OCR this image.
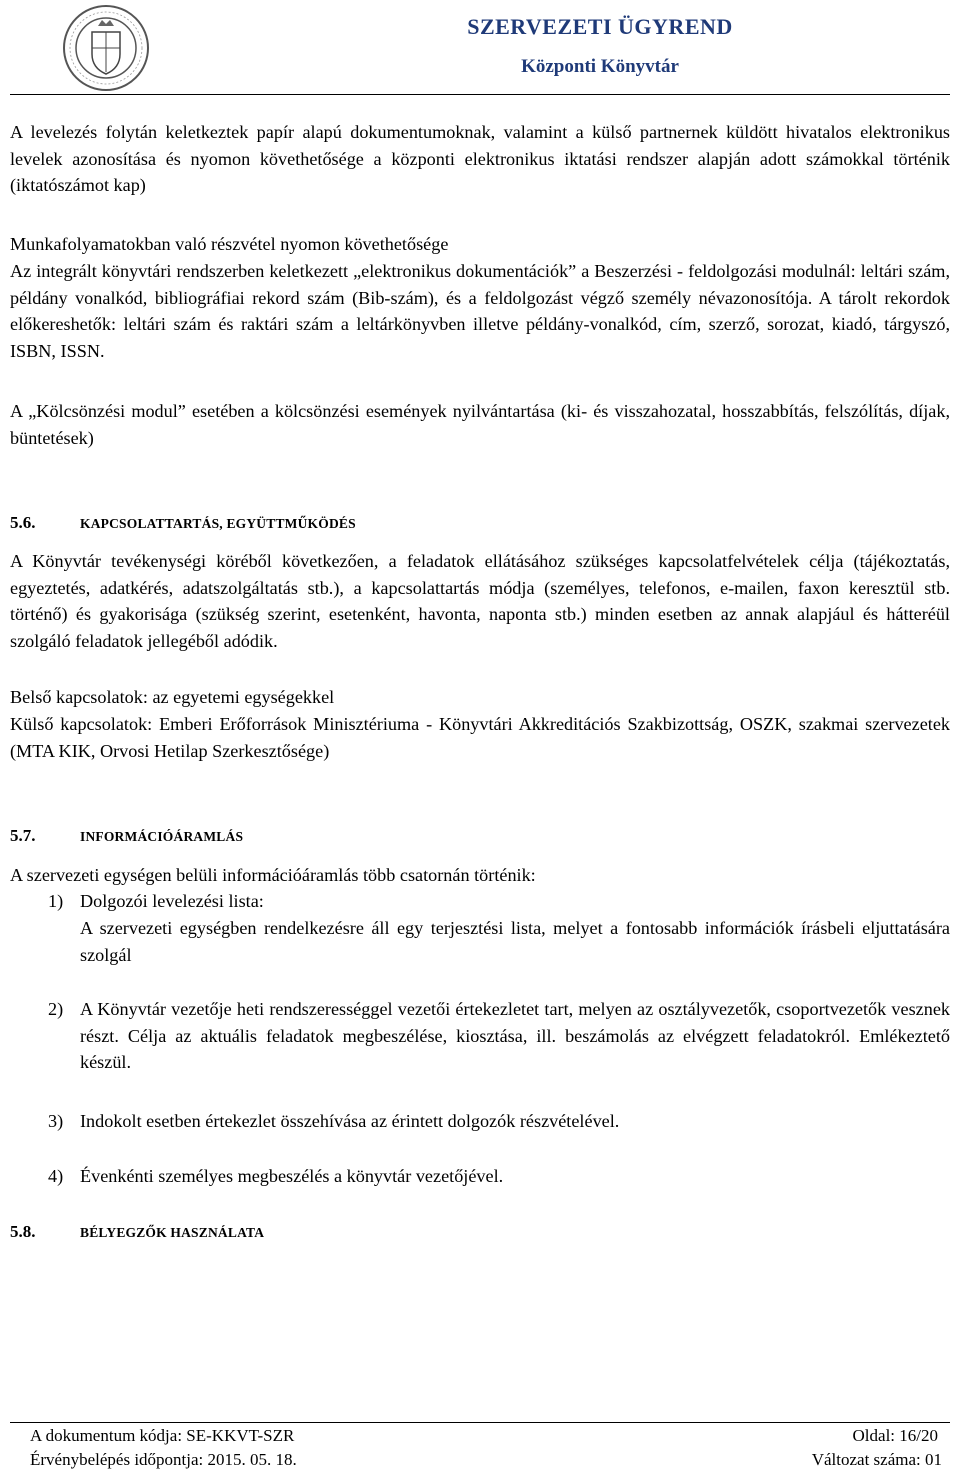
SZERVEZETI ÜGYREND
Központi Könyvtár
A levelezés folytán keletkeztek papír alapú dokumentumoknak, valamint a külső partnernek küldött hivatalos elektronikus levelek azonosítása és nyomon követhetősége a központi elektronikus iktatási rendszer alapján adott számokkal történik (iktatószámot kap)
Munkafolyamatokban való részvétel nyomon követhetősége
Az integrált könyvtári rendszerben keletkezett „elektronikus dokumentációk” a Beszerzési - feldolgozási modulnál: leltári szám, példány vonalkód, bibliográfiai rekord szám (Bib-szám), és a feldolgozást végző személy névazonosítója. A tárolt rekordok előkereshetők: leltári szám és raktári szám a leltárkönyvben illetve példány-vonalkód, cím, szerző, sorozat, kiadó, tárgyszó, ISBN, ISSN.
A „Kölcsönzési modul” esetében a kölcsönzési események nyilvántartása (ki- és visszahozatal, hosszabbítás, felszólítás, díjak, büntetések)
5.6.	KAPCSOLATTARTÁS, EGYÜTTMŰKÖDÉS
A Könyvtár tevékenységi köréből következően, a feladatok ellátásához szükséges kapcsolatfelvételek célja (tájékoztatás, egyeztetés, adatkérés, adatszolgáltatás stb.), a kapcsolattartás módja (személyes, telefonos, e-mailen, faxon keresztül stb. történő) és gyakorisága (szükség szerint, esetenként, havonta, naponta stb.) minden esetben az annak alapjául és hátteréül szolgáló feladatok jellegéből adódik.
Belső kapcsolatok: az egyetemi egységekkel
Külső kapcsolatok: Emberi Erőforrások Minisztériuma - Könyvtári Akkreditációs Szakbizottság, OSZK, szakmai szervezetek (MTA KIK, Orvosi Hetilap Szerkesztősége)
5.7.	INFORMÁCIÓÁRAMLÁS
A szervezeti egységen belüli információáramlás több csatornán történik:
1) Dolgozói levelezési lista:
A szervezeti egységben rendelkezésre áll egy terjesztési lista, melyet a fontosabb információk írásbeli eljuttatására szolgál
2) A Könyvtár vezetője heti rendszerességgel vezetői értekezletet tart, melyen az osztályvezetők, csoportvezetők vesznek részt. Célja az aktuális feladatok megbeszélése, kiosztása, ill. beszámolás az elvégzett feladatokról. Emlékeztető készül.
3) Indokolt esetben értekezlet összehívása az érintett dolgozók részvételével.
4) Évenkénti személyes megbeszélés a könyvtár vezetőjével.
5.8.	BÉLYEGZŐK HASZNÁLATA
A dokumentum kódja: SE-KKVT-SZR	Oldal: 16/20
Érvénybelépés időpontja: 2015. 05. 18.	Változat száma: 01
